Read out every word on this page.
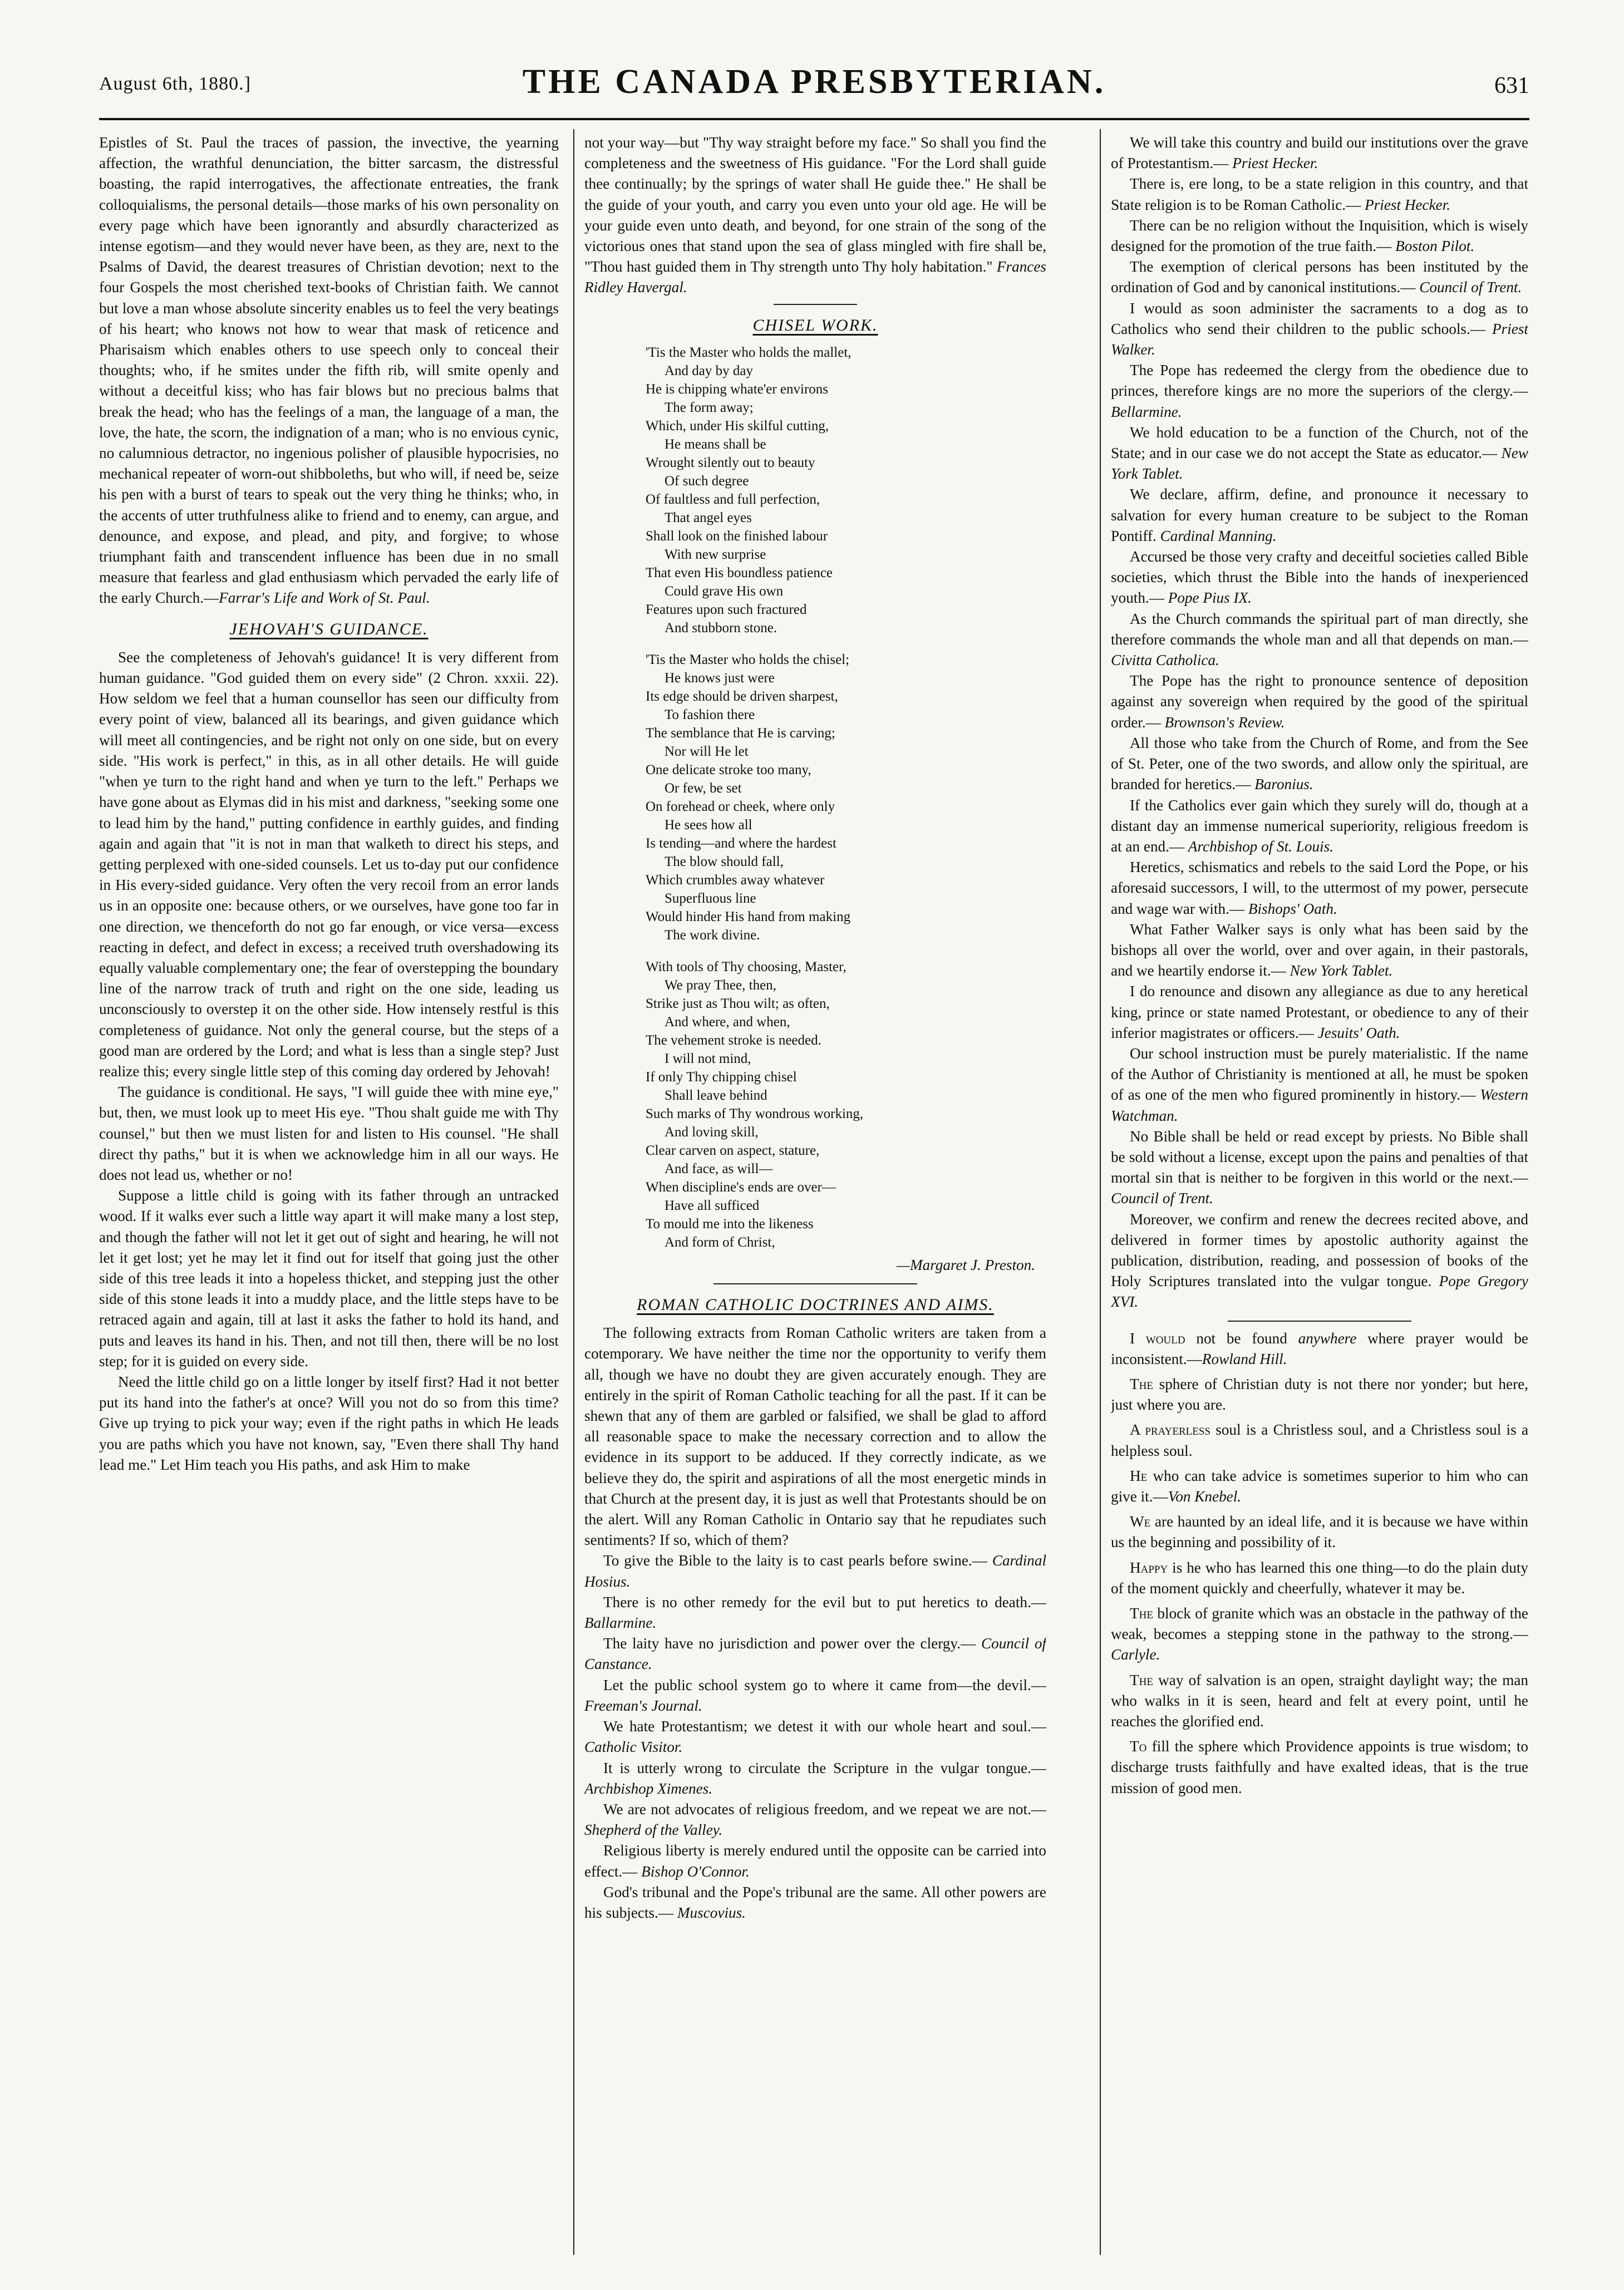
August 6th, 1880.]	THE CANADA PRESBYTERIAN.	631

Epistles of St. Paul the traces of passion, the invective, the yearning affection, the wrathful denunciation, the bitter sarcasm, the distressful boasting, the rapid interrogatives, the affectionate entreaties, the frank colloquialisms, the personal details—those marks of his own personality on every page which have been ignorantly and absurdly characterized as intense egotism—and they would never have been, as they are, next to the Psalms of David, the dearest treasures of Christian devotion; next to the four Gospels the most cherished text-books of Christian faith. We cannot but love a man whose absolute sincerity enables us to feel the very beatings of his heart; who knows not how to wear that mask of reticence and Pharisaism which enables others to use speech only to conceal their thoughts; who, if he smites under the fifth rib, will smite openly and without a deceitful kiss; who has fair blows but no precious balms that break the head; who has the feelings of a man, the language of a man, the love, the hate, the scorn, the indignation of a man; who is no envious cynic, no calumnious detractor, no ingenious polisher of plausible hypocrisies, no mechanical repeater of worn-out shibboleths, but who will, if need be, seize his pen with a burst of tears to speak out the very thing he thinks; who, in the accents of utter truthfulness alike to friend and to enemy, can argue, and denounce, and expose, and plead, and pity, and forgive; to whose triumphant faith and transcendent influence has been due in no small measure that fearless and glad enthusiasm which pervaded the early life of the early Church.—Farrar's Life and Work of St. Paul.

JEHOVAH'S GUIDANCE.

See the completeness of Jehovah's guidance! It is very different from human guidance. "God guided them on every side" (2 Chron. xxxii. 22). How seldom we feel that a human counsellor has seen our difficulty from every point of view, balanced all its bearings, and given guidance which will meet all contingencies, and be right not only on one side, but on every side. "His work is perfect," in this, as in all other details. He will guide "when ye turn to the right hand and when ye turn to the left." Perhaps we have gone about as Elymas did in his mist and darkness, "seeking some one to lead him by the hand," putting confidence in earthly guides, and finding again and again that "it is not in man that walketh to direct his steps, and getting perplexed with one-sided counsels. Let us to-day put our confidence in His every-sided guidance. Very often the very recoil from an error lands us in an opposite one: because others, or we ourselves, have gone too far in one direction, we thenceforth do not go far enough, or vice versa—excess reacting in defect, and defect in excess; a received truth overshadowing its equally valuable complementary one; the fear of overstepping the boundary line of the narrow track of truth and right on the one side, leading us unconsciously to overstep it on the other side. How intensely restful is this completeness of guidance. Not only the general course, but the steps of a good man are ordered by the Lord; and what is less than a single step? Just realize this; every single little step of this coming day ordered by Jehovah!

The guidance is conditional. He says, "I will guide thee with mine eye," but, then, we must look up to meet His eye. "Thou shalt guide me with Thy counsel," but then we must listen for and listen to His counsel. "He shall direct thy paths," but it is when we acknowledge him in all our ways. He does not lead us, whether or no!

Suppose a little child is going with its father through an untracked wood. If it walks ever such a little way apart it will make many a lost step, and though the father will not let it get out of sight and hearing, he will not let it get lost; yet he may let it find out for itself that going just the other side of this tree leads it into a hopeless thicket, and stepping just the other side of this stone leads it into a muddy place, and the little steps have to be retraced again and again, till at last it asks the father to hold its hand, and puts and leaves its hand in his. Then, and not till then, there will be no lost step; for it is guided on every side.

Need the little child go on a little longer by itself first? Had it not better put its hand into the father's at once? Will you not do so from this time? Give up trying to pick your way; even if the right paths in which He leads you are paths which you have not known, say, "Even there shall Thy hand lead me." Let Him teach you His paths, and ask Him to make

not your way—but "Thy way straight before my face." So shall you find the completeness and the sweetness of His guidance. "For the Lord shall guide thee continually; by the springs of water shall He guide thee." He shall be the guide of your youth, and carry you even unto your old age. He will be your guide even unto death, and beyond, for one strain of the song of the victorious ones that stand upon the sea of glass mingled with fire shall be, "Thou hast guided them in Thy strength unto Thy holy habitation." Frances Ridley Havergal.

CHISEL WORK.
'Tis the Master who holds the mallet,
And day by day
He is chipping whate'er environs
The form away;
Which, under His skilful cutting,
He means shall be
Wrought silently out to beauty
Of such degree
Of faultless and full perfection,
That angel eyes
Shall look on the finished labour
With new surprise
That even His boundless patience
Could grave His own
Features upon such fractured
And stubborn stone.
'Tis the Master who holds the chisel;
He knows just were
Its edge should be driven sharpest,
To fashion there
The semblance that He is carving;
Nor will He let
One delicate stroke too many,
Or few, be set
On forehead or cheek, where only
He sees how all
Is tending—and where the hardest
The blow should fall,
Which crumbles away whatever
Superfluous line
Would hinder His hand from making
The work divine.
With tools of Thy choosing, Master,
We pray Thee, then,
Strike just as Thou wilt; as often,
And where, and when,
The vehement stroke is needed.
I will not mind,
If only Thy chipping chisel
Shall leave behind
Such marks of Thy wondrous working,
And loving skill,
Clear carven on aspect, stature,
And face, as will—
When discipline's ends are over—
Have all sufficed
To mould me into the likeness
And form of Christ,
—Margaret J. Preston.
ROMAN CATHOLIC DOCTRINES AND AIMS.

The following extracts from Roman Catholic writers are taken from a cotemporary. We have neither the time nor the opportunity to verify them all, though we have no doubt they are given accurately enough. They are entirely in the spirit of Roman Catholic teaching for all the past. If it can be shewn that any of them are garbled or falsified, we shall be glad to afford all reasonable space to make the necessary correction and to allow the evidence in its support to be adduced. If they correctly indicate, as we believe they do, the spirit and aspirations of all the most energetic minds in that Church at the present day, it is just as well that Protestants should be on the alert. Will any Roman Catholic in Ontario say that he repudiates such sentiments? If so, which of them?

To give the Bible to the laity is to cast pearls before swine.— Cardinal Hosius.

There is no other remedy for the evil but to put heretics to death.— Ballarmine.

The laity have no jurisdiction and power over the clergy.— Council of Canstance.

Let the public school system go to where it came from—the devil.— Freeman's Journal.

We hate Protestantism; we detest it with our whole heart and soul.— Catholic Visitor.

It is utterly wrong to circulate the Scripture in the vulgar tongue.— Archbishop Ximenes.

We are not advocates of religious freedom, and we repeat we are not.— Shepherd of the Valley.

Religious liberty is merely endured until the opposite can be carried into effect.— Bishop O'Connor.

God's tribunal and the Pope's tribunal are the same. All other powers are his subjects.— Muscovius.

We will take this country and build our institutions over the grave of Protestantism.— Priest Hecker.

There is, ere long, to be a state religion in this country, and that State religion is to be Roman Catholic.— Priest Hecker.

There can be no religion without the Inquisition, which is wisely designed for the promotion of the true faith.— Boston Pilot.

The exemption of clerical persons has been instituted by the ordination of God and by canonical institutions.— Council of Trent.

I would as soon administer the sacraments to a dog as to Catholics who send their children to the public schools.— Priest Walker.

The Pope has redeemed the clergy from the obedience due to princes, therefore kings are no more the superiors of the clergy.— Bellarmine.

We hold education to be a function of the Church, not of the State; and in our case we do not accept the State as educator.— New York Tablet.

We declare, affirm, define, and pronounce it necessary to salvation for every human creature to be subject to the Roman Pontiff. Cardinal Manning.

Accursed be those very crafty and deceitful societies called Bible societies, which thrust the Bible into the hands of inexperienced youth.— Pope Pius IX.

As the Church commands the spiritual part of man directly, she therefore commands the whole man and all that depends on man.— Civitta Catholica.

The Pope has the right to pronounce sentence of deposition against any sovereign when required by the good of the spiritual order.— Brownson's Review.

All those who take from the Church of Rome, and from the See of St. Peter, one of the two swords, and allow only the spiritual, are branded for heretics.— Baronius.

If the Catholics ever gain which they surely will do, though at a distant day an immense numerical superiority, religious freedom is at an end.— Archbishop of St. Louis.

Heretics, schismatics and rebels to the said Lord the Pope, or his aforesaid successors, I will, to the uttermost of my power, persecute and wage war with.— Bishops' Oath.

What Father Walker says is only what has been said by the bishops all over the world, over and over again, in their pastorals, and we heartily endorse it.— New York Tablet.

I do renounce and disown any allegiance as due to any heretical king, prince or state named Protestant, or obedience to any of their inferior magistrates or officers.— Jesuits' Oath.

Our school instruction must be purely materialistic. If the name of the Author of Christianity is mentioned at all, he must be spoken of as one of the men who figured prominently in history.— Western Watchman.

No Bible shall be held or read except by priests. No Bible shall be sold without a license, except upon the pains and penalties of that mortal sin that is neither to be forgiven in this world or the next.— Council of Trent.

Moreover, we confirm and renew the decrees recited above, and delivered in former times by apostolic authority against the publication, distribution, reading, and possession of books of the Holy Scriptures translated into the vulgar tongue. Pope Gregory XVI.

I would not be found anywhere where prayer would be inconsistent.—Rowland Hill.

The sphere of Christian duty is not there nor yonder; but here, just where you are.

A prayerless soul is a Christless soul, and a Christless soul is a helpless soul.

He who can take advice is sometimes superior to him who can give it.—Von Knebel.

We are haunted by an ideal life, and it is because we have within us the beginning and possibility of it.

Happy is he who has learned this one thing—to do the plain duty of the moment quickly and cheerfully, whatever it may be.

The block of granite which was an obstacle in the pathway of the weak, becomes a stepping stone in the pathway to the strong.—Carlyle.

The way of salvation is an open, straight daylight way; the man who walks in it is seen, heard and felt at every point, until he reaches the glorified end.

To fill the sphere which Providence appoints is true wisdom; to discharge trusts faithfully and have exalted ideas, that is the true mission of good men.
